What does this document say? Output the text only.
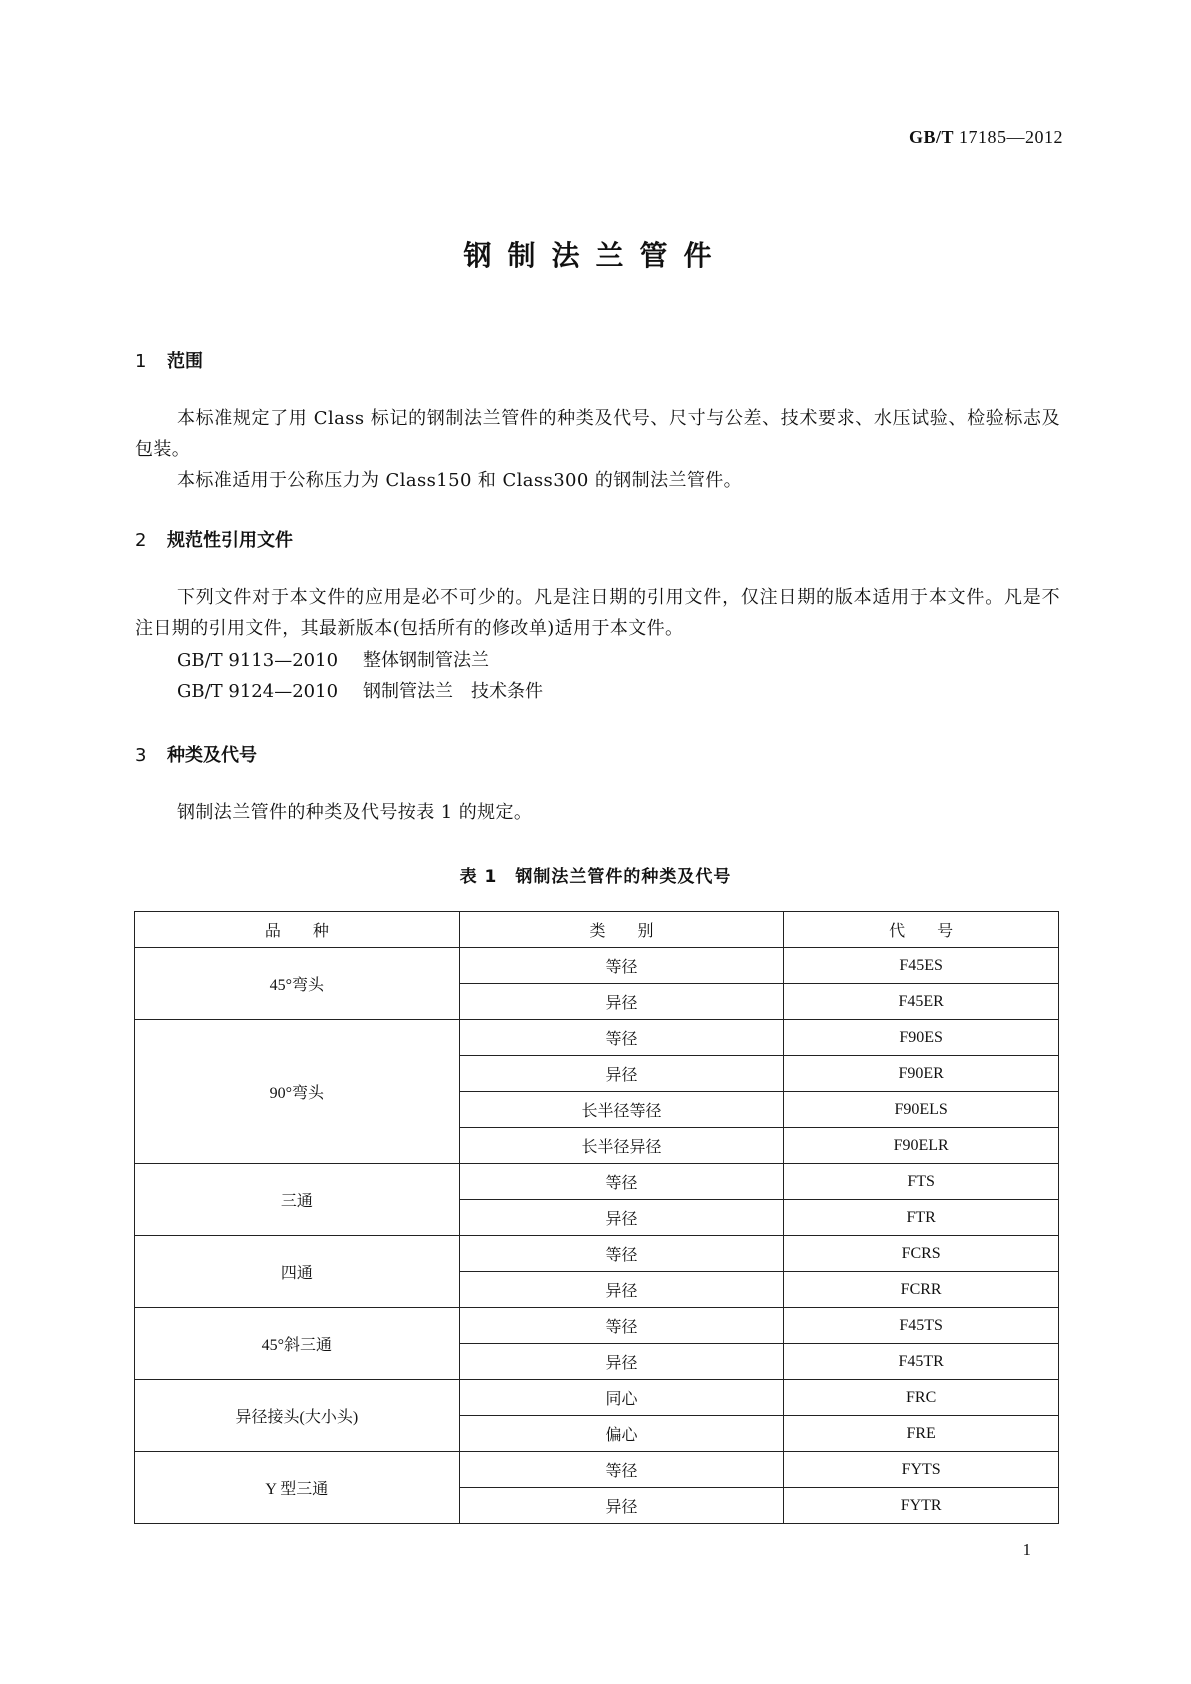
GB/T 17185—2012
钢制法兰管件
1 范围
本标准规定了用 Class 标记的钢制法兰管件的种类及代号、尺寸与公差、技术要求、水压试验、检验标志及包装。
本标准适用于公称压力为 Class150 和 Class300 的钢制法兰管件。
2 规范性引用文件
下列文件对于本文件的应用是必不可少的。凡是注日期的引用文件，仅注日期的版本适用于本文件。凡是不注日期的引用文件，其最新版本(包括所有的修改单)适用于本文件。
GB/T 9113—2010 整体钢制管法兰
GB/T 9124—2010 钢制管法兰　技术条件
3 种类及代号
钢制法兰管件的种类及代号按表 1 的规定。
表 1　钢制法兰管件的种类及代号
品　　种	类　　别	代　　号
45°弯头	等径	F45ES
	异径	F45ER
90°弯头	等径	F90ES
	异径	F90ER
	长半径等径	F90ELS
	长半径异径	F90ELR
三通	等径	FTS
	异径	FTR
四通	等径	FCRS
	异径	FCRR
45°斜三通	等径	F45TS
	异径	F45TR
异径接头(大小头)	同心	FRC
	偏心	FRE
Y 型三通	等径	FYTS
	异径	FYTR
1
